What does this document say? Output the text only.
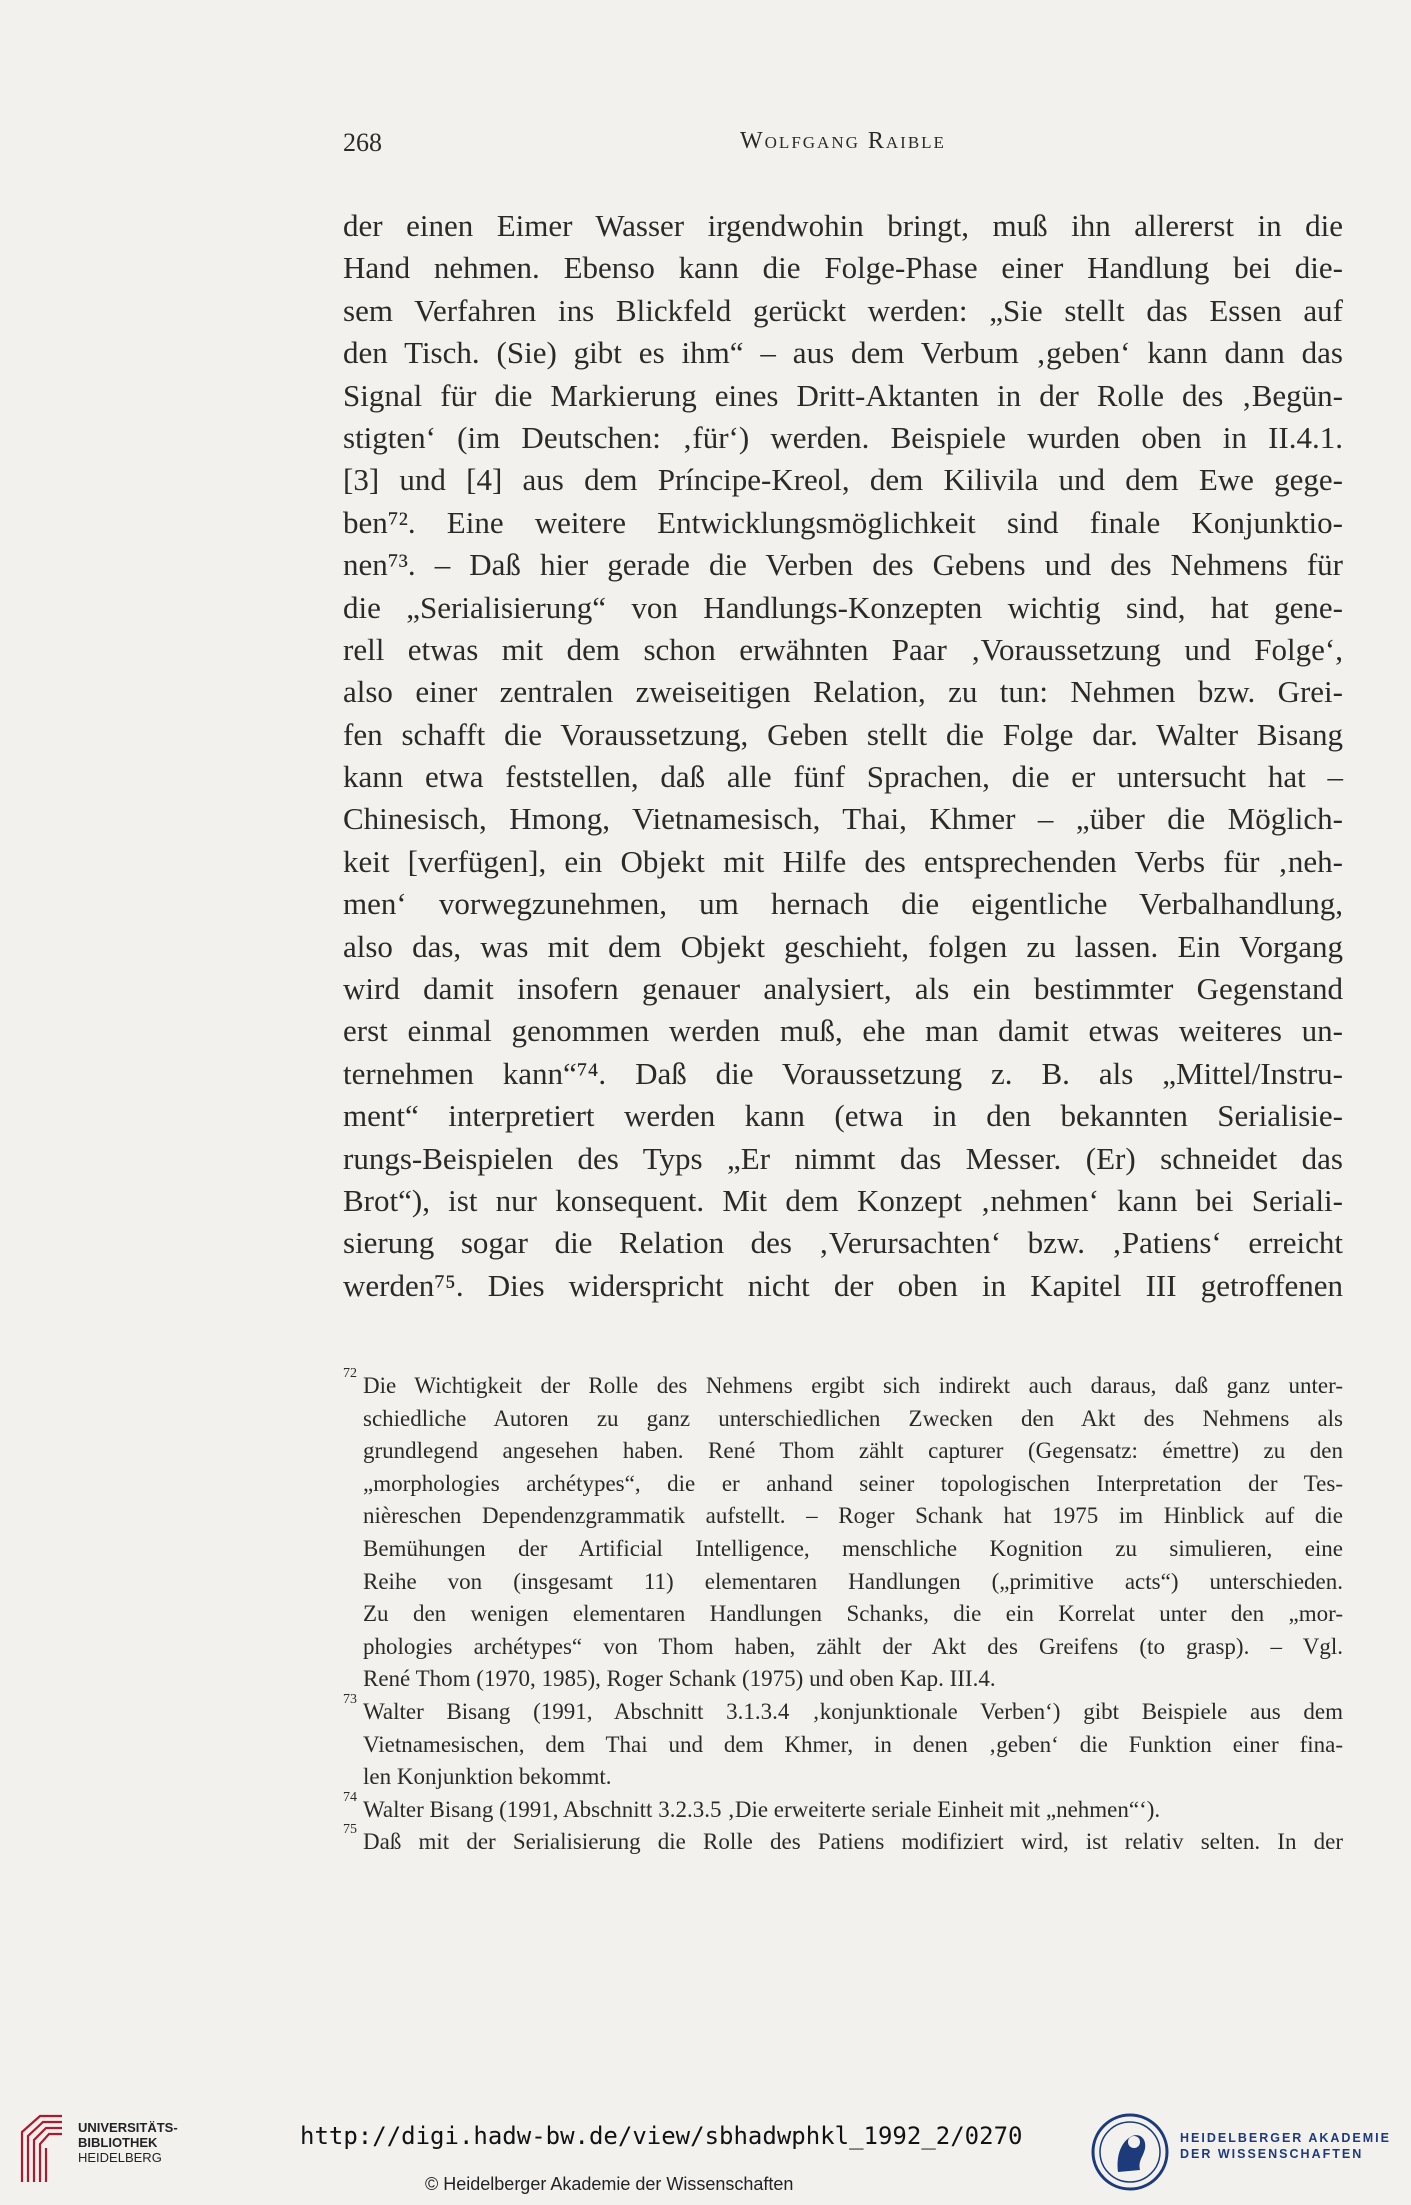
268	Wolfgang Raible
der einen Eimer Wasser irgendwohin bringt, muß ihn allererst in die
Hand nehmen. Ebenso kann die Folge-Phase einer Handlung bei die-
sem Verfahren ins Blickfeld gerückt werden: „Sie stellt das Essen auf
den Tisch. (Sie) gibt es ihm“ – aus dem Verbum ‚geben‘ kann dann das
Signal für die Markierung eines Dritt-Aktanten in der Rolle des ‚Begün-
stigten‘ (im Deutschen: ‚für‘) werden. Beispiele wurden oben in II.4.1.
[3] und [4] aus dem Príncipe-Kreol, dem Kilivila und dem Ewe gege-
ben⁷². Eine weitere Entwicklungsmöglichkeit sind finale Konjunktio-
nen⁷³. – Daß hier gerade die Verben des Gebens und des Nehmens für
die „Serialisierung“ von Handlungs-Konzepten wichtig sind, hat gene-
rell etwas mit dem schon erwähnten Paar ‚Voraussetzung und Folge‘,
also einer zentralen zweiseitigen Relation, zu tun: Nehmen bzw. Grei-
fen schafft die Voraussetzung, Geben stellt die Folge dar. Walter Bisang
kann etwa feststellen, daß alle fünf Sprachen, die er untersucht hat –
Chinesisch, Hmong, Vietnamesisch, Thai, Khmer – „über die Möglich-
keit [verfügen], ein Objekt mit Hilfe des entsprechenden Verbs für ‚neh-
men‘ vorwegzunehmen, um hernach die eigentliche Verbalhandlung,
also das, was mit dem Objekt geschieht, folgen zu lassen. Ein Vorgang
wird damit insofern genauer analysiert, als ein bestimmter Gegenstand
erst einmal genommen werden muß, ehe man damit etwas weiteres un-
ternehmen kann“⁷⁴. Daß die Voraussetzung z. B. als „Mittel/Instru-
ment“ interpretiert werden kann (etwa in den bekannten Serialisie-
rungs-Beispielen des Typs „Er nimmt das Messer. (Er) schneidet das
Brot“), ist nur konsequent. Mit dem Konzept ‚nehmen‘ kann bei Seriali-
sierung sogar die Relation des ‚Verursachten‘ bzw. ‚Patiens‘ erreicht
werden⁷⁵. Dies widerspricht nicht der oben in Kapitel III getroffenen
72 Die Wichtigkeit der Rolle des Nehmens ergibt sich indirekt auch daraus, daß ganz unter-
schiedliche Autoren zu ganz unterschiedlichen Zwecken den Akt des Nehmens als
grundlegend angesehen haben. René Thom zählt capturer (Gegensatz: émettre) zu den
„morphologies archétypes“, die er anhand seiner topologischen Interpretation der Tes-
nièreschen Dependenzgrammatik aufstellt. – Roger Schank hat 1975 im Hinblick auf die
Bemühungen der Artificial Intelligence, menschliche Kognition zu simulieren, eine
Reihe von (insgesamt 11) elementaren Handlungen („primitive acts“) unterschieden.
Zu den wenigen elementaren Handlungen Schanks, die ein Korrelat unter den „mor-
phologies archétypes“ von Thom haben, zählt der Akt des Greifens (to grasp). – Vgl.
René Thom (1970, 1985), Roger Schank (1975) und oben Kap. III.4.
73 Walter Bisang (1991, Abschnitt 3.1.3.4 ‚konjunktionale Verben‘) gibt Beispiele aus dem
Vietnamesischen, dem Thai und dem Khmer, in denen ‚geben‘ die Funktion einer fina-
len Konjunktion bekommt.
74 Walter Bisang (1991, Abschnitt 3.2.3.5 ‚Die erweiterte seriale Einheit mit „nehmen“‘).
75 Daß mit der Serialisierung die Rolle des Patiens modifiziert wird, ist relativ selten. In der
UNIVERSITÄTS-
BIBLIOTHEK
HEIDELBERG
http://digi.hadw-bw.de/view/sbhadwphkl_1992_2/0270
© Heidelberger Akademie der Wissenschaften
HEIDELBERGER AKADEMIE
DER WISSENSCHAFTEN
